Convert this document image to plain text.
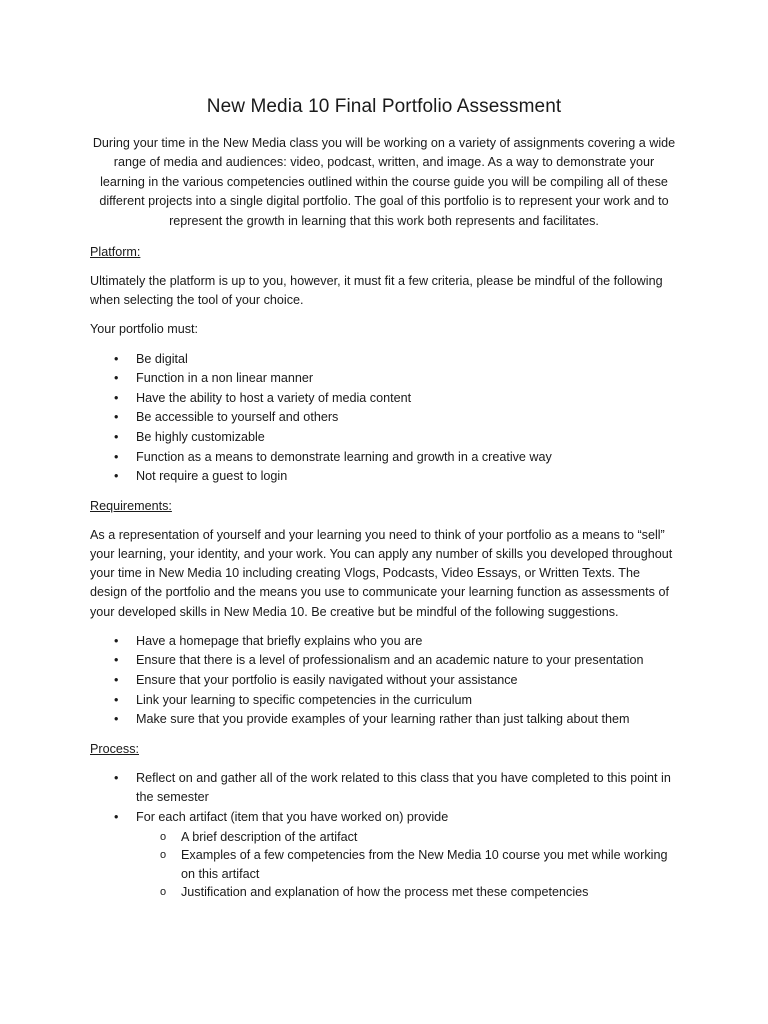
New Media 10 Final Portfolio Assessment

During your time in the New Media class you will be working on a variety of assignments covering a wide range of media and audiences: video, podcast, written, and image. As a way to demonstrate your learning in the various competencies outlined within the course guide you will be compiling all of these different projects into a single digital portfolio. The goal of this portfolio is to represent your work and to represent the growth in learning that this work both represents and facilitates.

Platform:

Ultimately the platform is up to you, however, it must fit a few criteria, please be mindful of the following when selecting the tool of your choice.

Your portfolio must:

• Be digital
• Function in a non linear manner
• Have the ability to host a variety of media content
• Be accessible to yourself and others
• Be highly customizable
• Function as a means to demonstrate learning and growth in a creative way
• Not require a guest to login
Requirements:

As a representation of yourself and your learning you need to think of your portfolio as a means to “sell” your learning, your identity, and your work. You can apply any number of skills you developed throughout your time in New Media 10 including creating Vlogs, Podcasts, Video Essays, or Written Texts. The design of the portfolio and the means you use to communicate your learning function as assessments of your developed skills in New Media 10. Be creative but be mindful of the following suggestions.

• Have a homepage that briefly explains who you are
• Ensure that there is a level of professionalism and an academic nature to your presentation
• Ensure that your portfolio is easily navigated without your assistance
• Link your learning to specific competencies in the curriculum
• Make sure that you provide examples of your learning rather than just talking about them
Process:
• Reflect on and gather all of the work related to this class that you have completed to this point in the semester
• For each artifact (item that you have worked on) provide
o A brief description of the artifact
o Examples of a few competencies from the New Media 10 course you met while working on this artifact
o Justification and explanation of how the process met these competencies
